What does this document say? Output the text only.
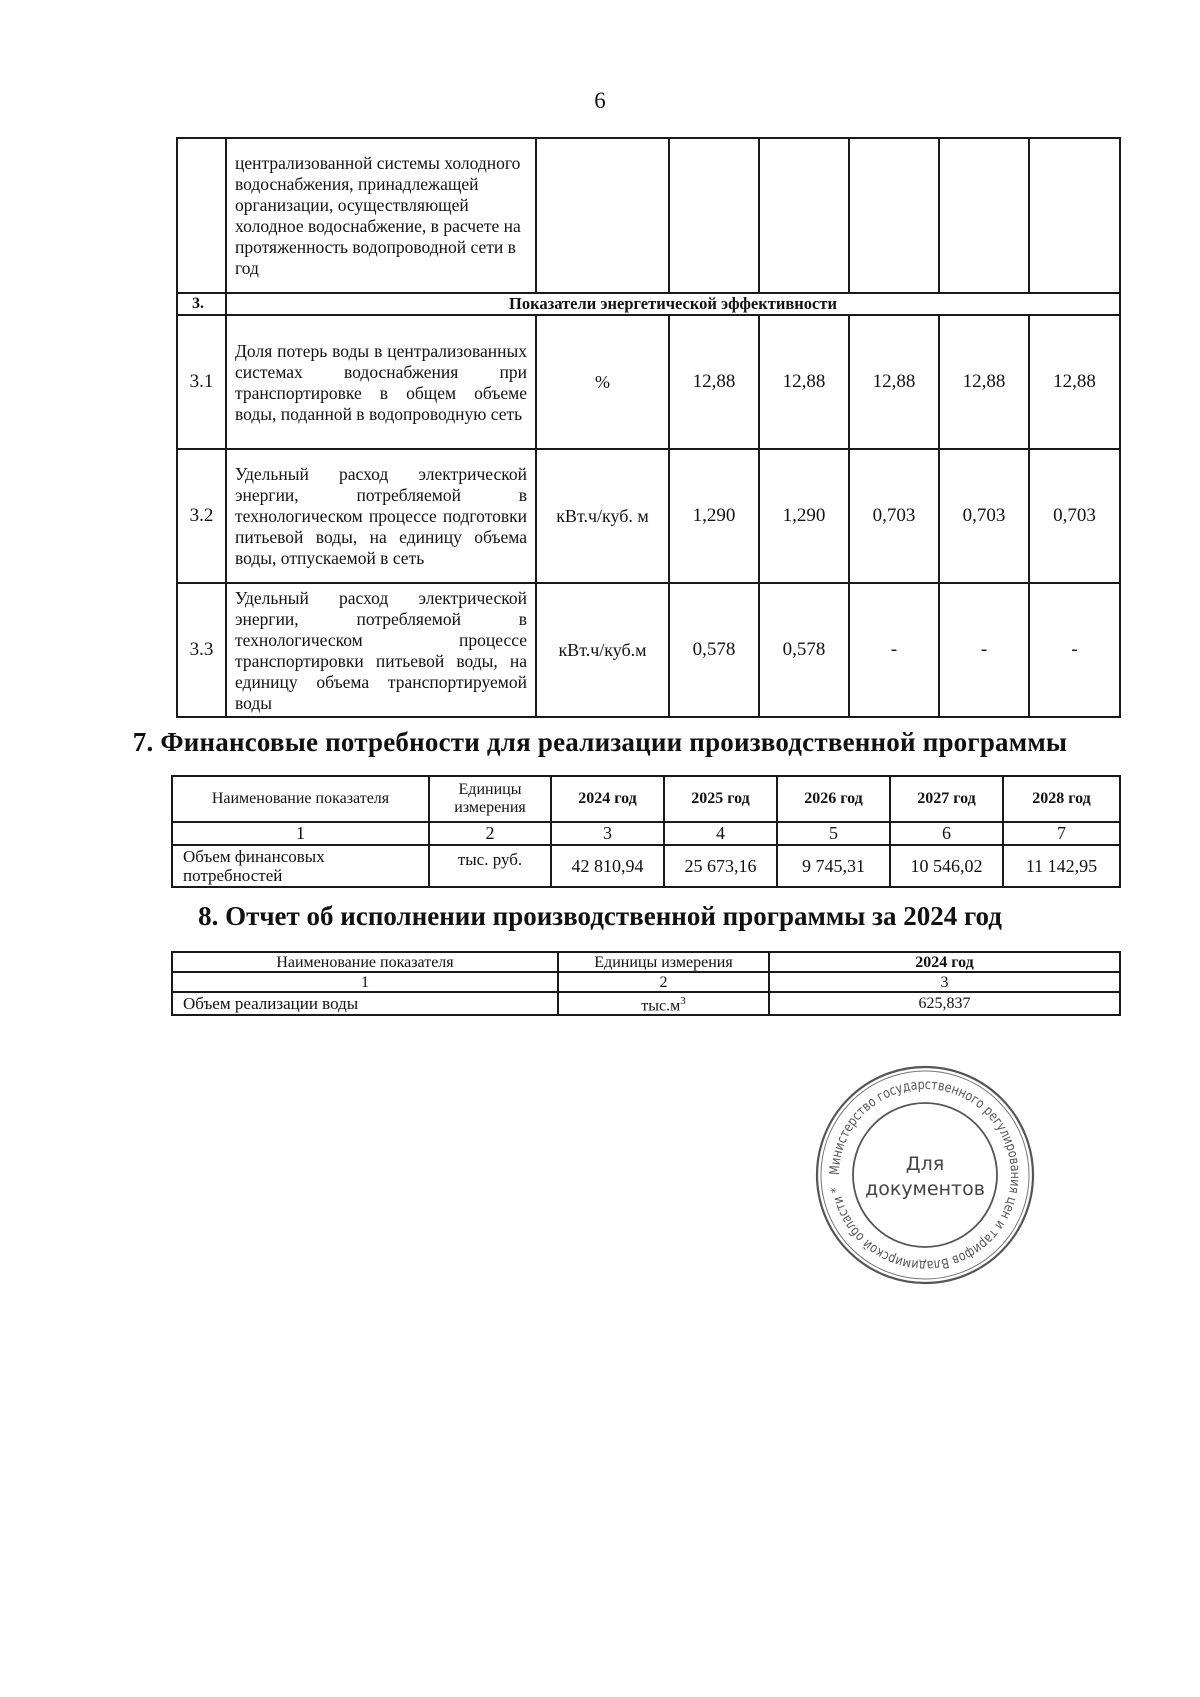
6
	централизованной системы холодного водоснабжения, принадлежащей организации, осуществляющей холодное водоснабжение, в расчете на протяженность водопроводной сети в год						
3.	Показатели энергетической эффективности						
3.1	Доля потерь воды в централизованных системах водоснабжения при транспортировке в общем объеме воды, поданной в водопроводную сеть	%	12,88	12,88	12,88	12,88	12,88
3.2	Удельный расход электрической энергии, потребляемой в технологическом процессе подготовки питьевой воды, на единицу объема воды, отпускаемой в сеть	кВт.ч/куб. м	1,290	1,290	0,703	0,703	0,703
3.3	Удельный расход электрической энергии, потребляемой в технологическом процессе транспортировки питьевой воды, на единицу объема транспортируемой воды	кВт.ч/куб.м	0,578	0,578	-	-	-
7. Финансовые потребности для реализации производственной программы
Наименование показателя	Единицы измерения	2024 год	2025 год	2026 год	2027 год	2028 год
1	2	3	4	5	6	7
Объем финансовых потребностей	тыс. руб.	42 810,94	25 673,16	9 745,31	10 546,02	11 142,95
8. Отчет об исполнении производственной программы за 2024 год
Наименование показателя	Единицы измерения	2024 год
1	2	3
Объем реализации воды	$тыс.м^3$	625,837
Министерство государственного регулирования цен и тарифов Владимирской области *
Для
документов
